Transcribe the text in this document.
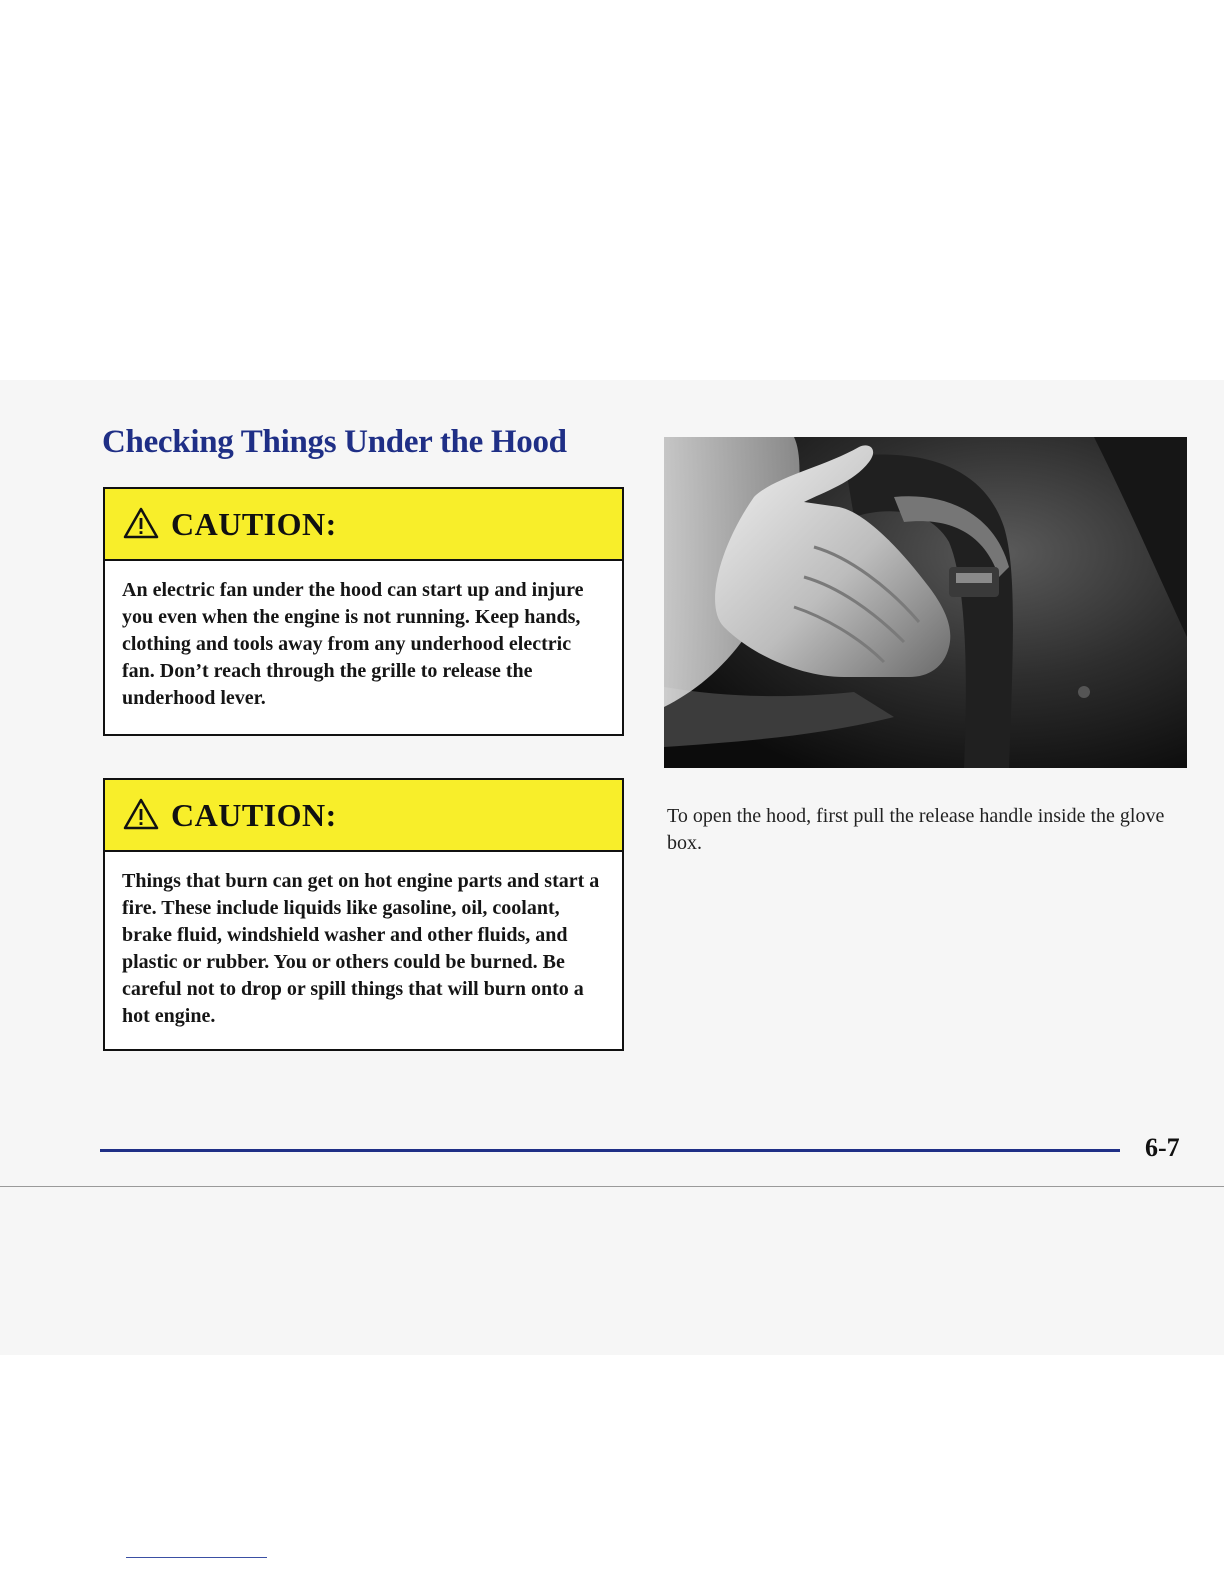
Checking Things Under the Hood
CAUTION:

An electric fan under the hood can start up and injure you even when the engine is not running. Keep hands, clothing and tools away from any underhood electric fan. Don’t reach through the grille to release the underhood lever.

CAUTION:

Things that burn can get on hot engine parts and start a fire. These include liquids like gasoline, oil, coolant, brake fluid, windshield washer and other fluids, and plastic or rubber. You or others could be burned. Be careful not to drop or spill things that will burn onto a hot engine.

To open the hood, first pull the release handle inside the glove box.

6-7
